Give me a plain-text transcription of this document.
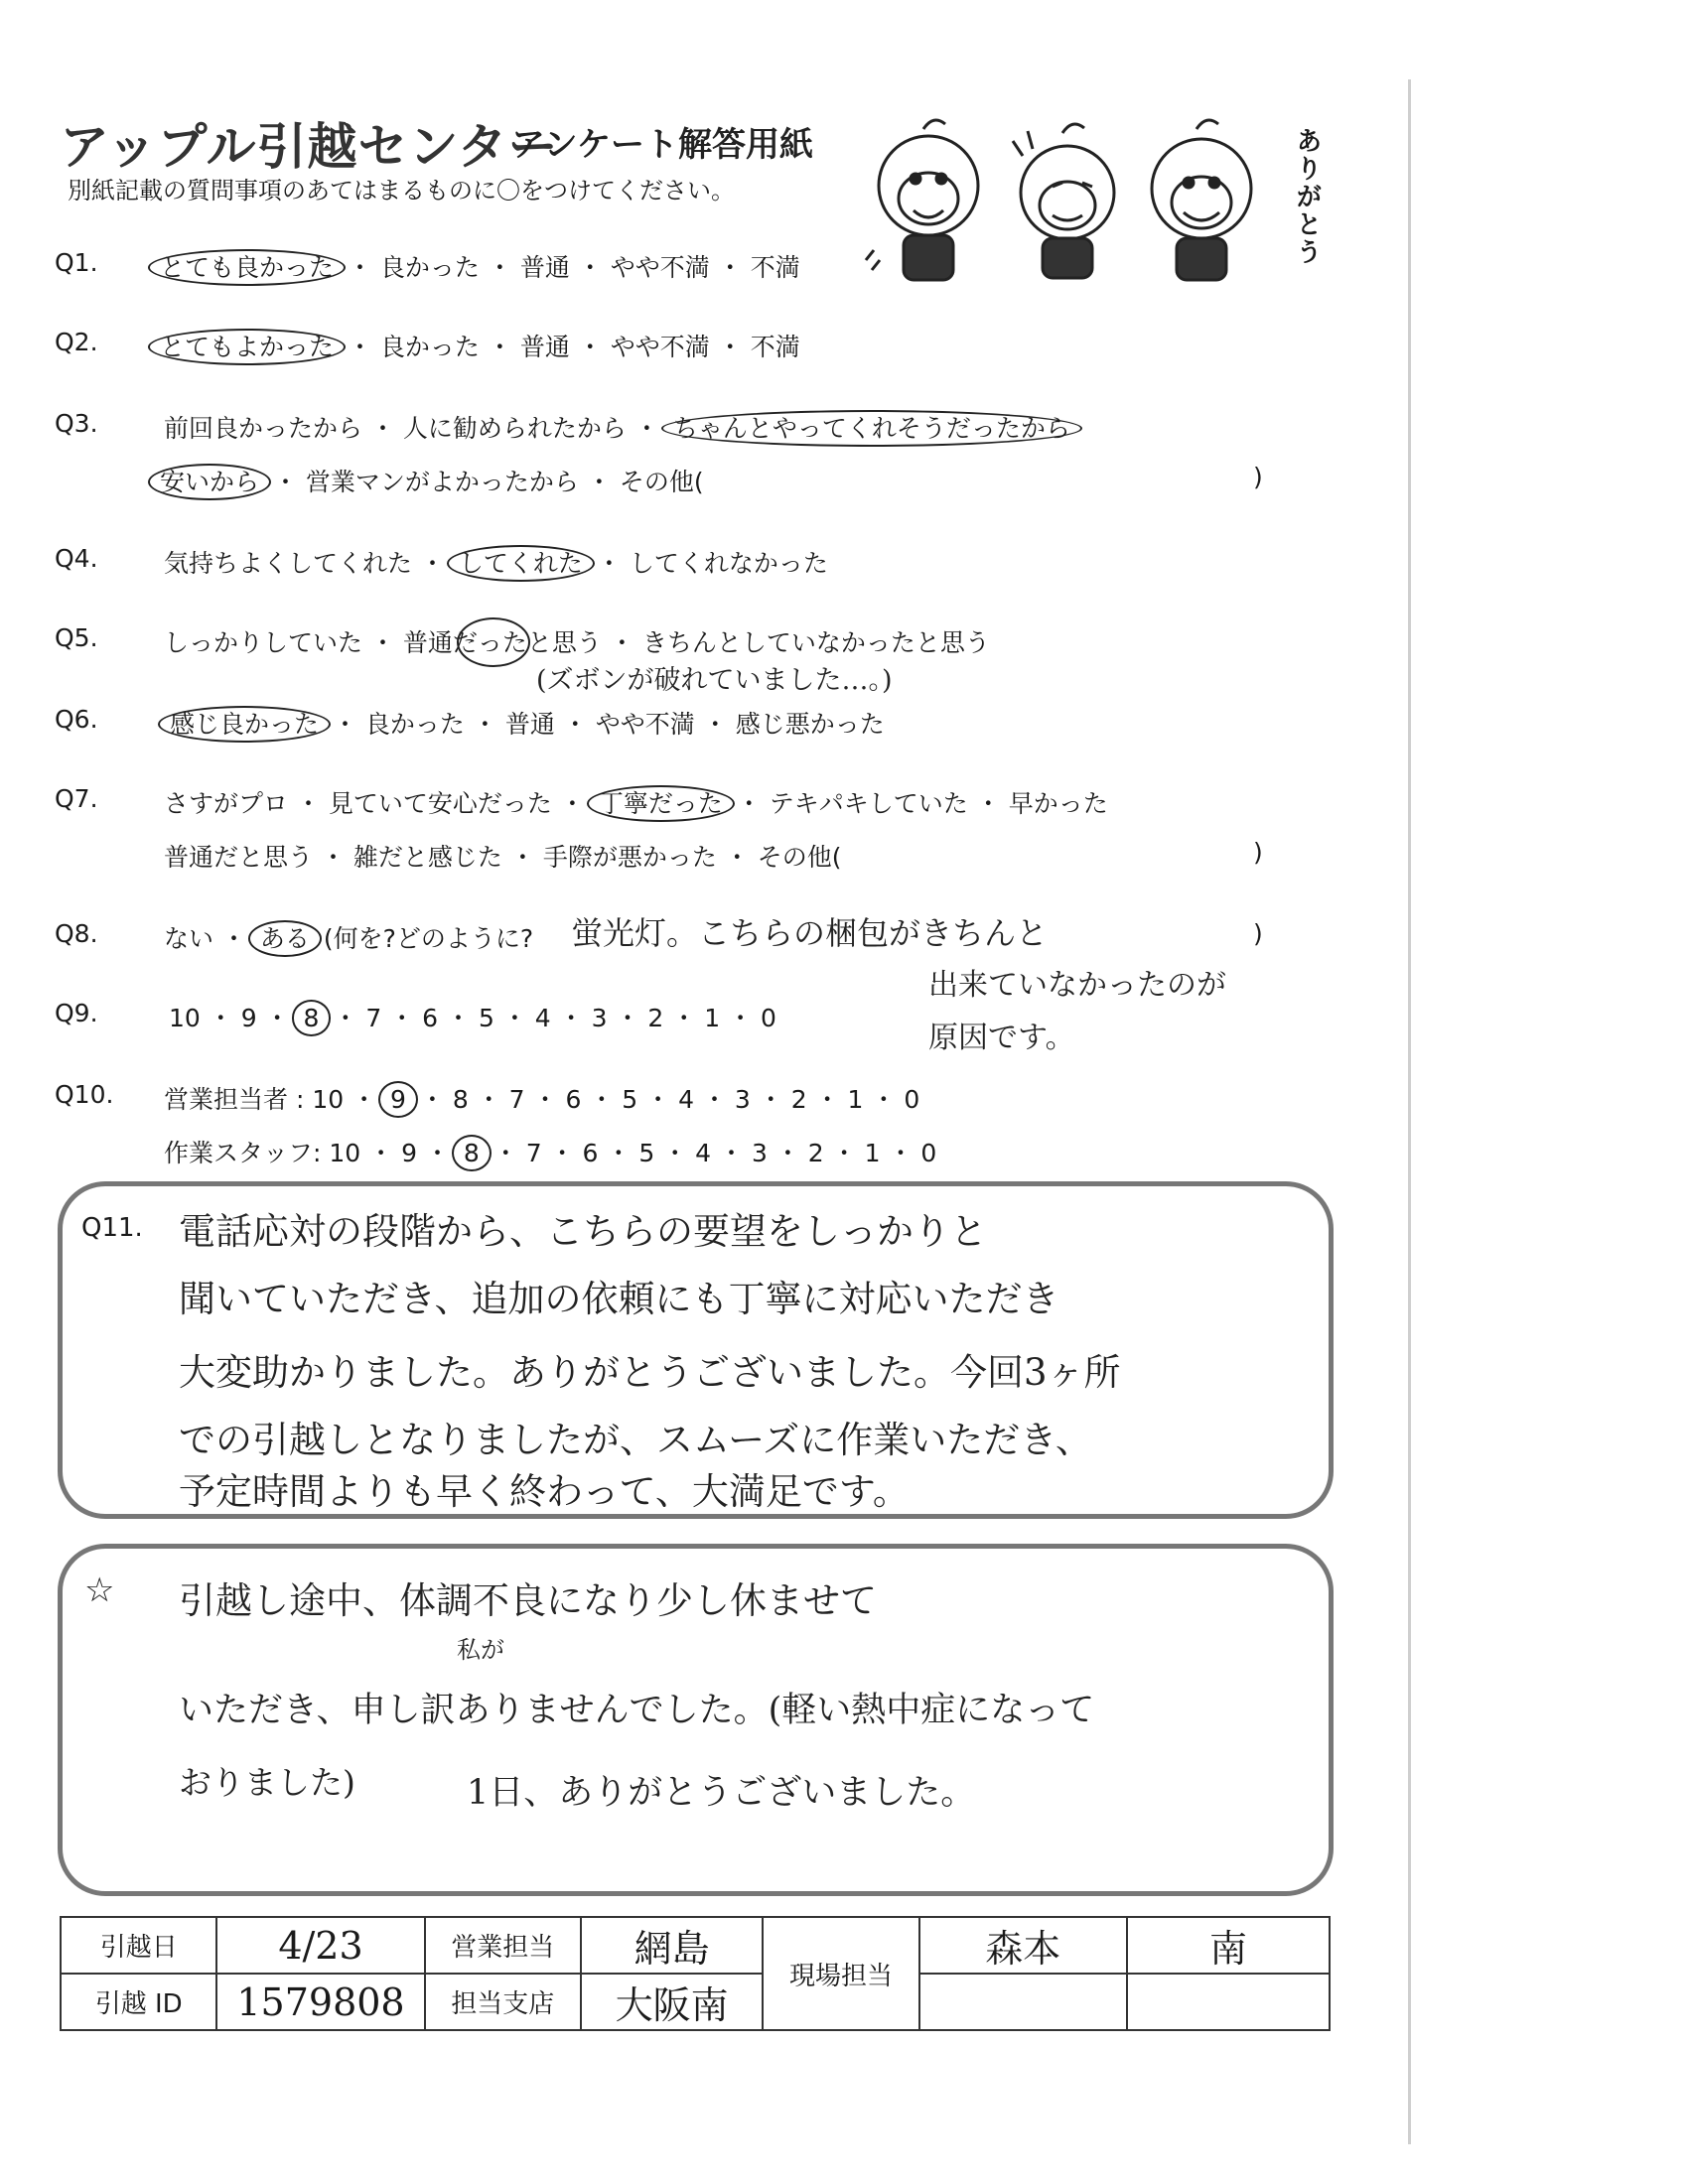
アップル引越センター
アンケート解答用紙
別紙記載の質問事項のあてはまるものに〇をつけてください。	ありがとう
Q1. とても良かった ・ 良かった ・ 普通 ・ やや不満 ・ 不満
Q2. とてもよかった ・ 良かった ・ 普通 ・ やや不満 ・ 不満
Q3.	前回良かったから ・ 人に勧められたから ・ ちゃんとやってくれそうだったから
安いから ・ 営業マンがよかったから ・ その他(	)
Q4.	気持ちよくしてくれた ・ してくれた ・ してくれなかった
Q5.	しっかりしていた ・ 普通だったと思う ・ きちんとしていなかったと思う
(ズボンが破れていました…。)
Q6.	感じ良かった ・ 良かった ・ 普通 ・ やや不満 ・ 感じ悪かった
Q7.	さすがプロ ・ 見ていて安心だった ・ 丁寧だった ・ テキパキしていた ・ 早かった
普通だと思う ・ 雑だと感じた ・ 手際が悪かった ・ その他(	)
Q8.	ない ・ ある (何を?どのように?	)
蛍光灯。こちらの梱包がきちんと
出来ていなかったのが
原因です。
Q9.	10 ・ 9 ・ 8 ・ 7 ・ 6 ・ 5 ・ 4 ・ 3 ・ 2 ・ 1 ・ 0
Q10. 営業担当者 : 10 ・ 9 ・ 8 ・ 7 ・ 6 ・ 5 ・ 4 ・ 3 ・ 2 ・ 1 ・ 0
作業スタッフ: 10 ・ 9 ・ 8 ・ 7 ・ 6 ・ 5 ・ 4 ・ 3 ・ 2 ・ 1 ・ 0
Q11. 電話応対の段階から、こちらの要望をしっかりと
聞いていただき、追加の依頼にも丁寧に対応いただき
大変助かりました。ありがとうございました。今回3ヶ所
での引越しとなりましたが、スムーズに作業いただき、
予定時間よりも早く終わって、大満足です。
☆ 引越し途中、体調不良になり少し休ませて
私が
いただき、申し訳ありませんでした。(軽い熱中症になって
おりました)	1日、ありがとうございました。
引越日	4/23	営業担当	網島	現場担当	森本	南
引越 ID	1579808	担当支店	大阪南			
